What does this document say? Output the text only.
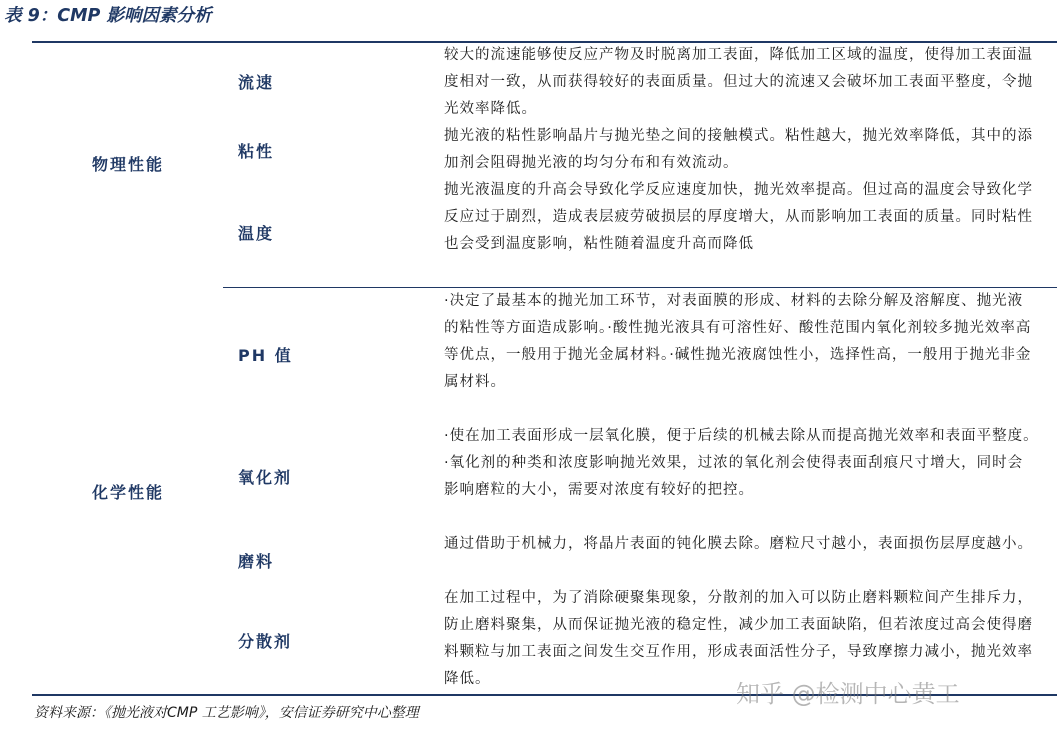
表 9：CMP 影响因素分析
物理性能
流速
粘性
温度
较大的流速能够使反应产物及时脱离加工表面，降低加工区域的温度，使得加工表面温度相对一致，从而获得较好的表面质量。但过大的流速又会破坏加工表面平整度，令抛光效率降低。
抛光液的粘性影响晶片与抛光垫之间的接触模式。粘性越大，抛光效率降低，其中的添加剂会阻碍抛光液的均匀分布和有效流动。
抛光液温度的升高会导致化学反应速度加快，抛光效率提高。但过高的温度会导致化学反应过于剧烈，造成表层疲劳破损层的厚度增大，从而影响加工表面的质量。同时粘性也会受到温度影响，粘性随着温度升高而降低
化学性能
PH 值
氧化剂
磨料
分散剂
·决定了最基本的抛光加工环节，对表面膜的形成、材料的去除分解及溶解度、抛光液的粘性等方面造成影响。·酸性抛光液具有可溶性好、酸性范围内氧化剂较多抛光效率高等优点，一般用于抛光金属材料。·碱性抛光液腐蚀性小，选择性高，一般用于抛光非金属材料。
·使在加工表面形成一层氧化膜，便于后续的机械去除从而提高抛光效率和表面平整度。·氧化剂的种类和浓度影响抛光效果，过浓的氧化剂会使得表面刮痕尺寸增大，同时会影响磨粒的大小，需要对浓度有较好的把控。
通过借助于机械力，将晶片表面的钝化膜去除。磨粒尺寸越小，表面损伤层厚度越小。
在加工过程中，为了消除硬聚集现象，分散剂的加入可以防止磨料颗粒间产生排斥力，防止磨料聚集，从而保证抛光液的稳定性，减少加工表面缺陷，但若浓度过高会使得磨料颗粒与加工表面之间发生交互作用，形成表面活性分子，导致摩擦力减小，抛光效率降低。
资料来源：《抛光液对CMP 工艺影响》，安信证券研究中心整理
知乎 @检测中心黄工
